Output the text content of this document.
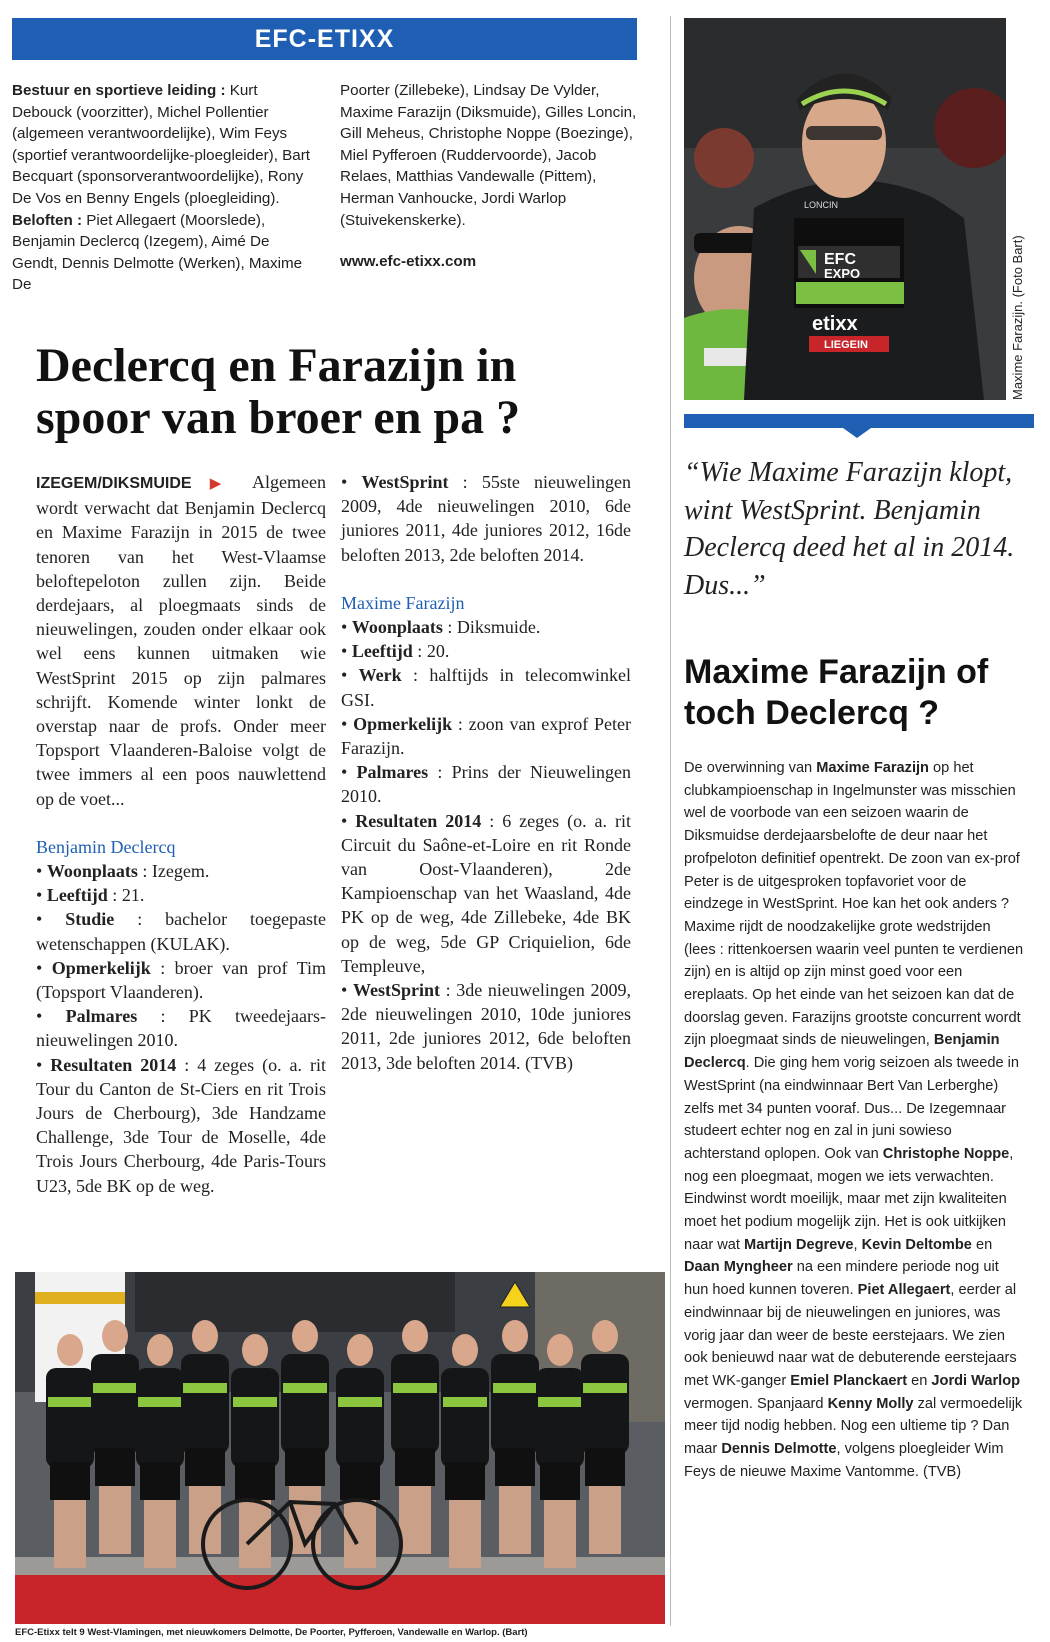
EFC-ETIXX
Bestuur en sportieve leiding : Kurt Debouck (voorzitter), Michel Pollentier (algemeen verantwoordelijke), Wim Feys (sportief verantwoordelijke-ploegleider), Bart Becquart (sponsorverantwoordelijke), Rony De Vos en Benny Engels (ploegleiding). Beloften : Piet Allegaert (Moorslede), Benjamin Declercq (Izegem), Aimé De Gendt, Dennis Delmotte (Werken), Maxime De
Poorter (Zillebeke), Lindsay De Vylder, Maxime Farazijn (Diksmuide), Gilles Loncin, Gill Meheus, Christophe Noppe (Boezinge), Miel Pyfferoen (Ruddervoorde), Jacob Relaes, Matthias Vandewalle (Pittem), Herman Vanhoucke, Jordi Warlop (Stuivekenskerke).
www.efc-etixx.com
Declercq en Farazijn in spoor van broer en pa ?

IZEGEM/DIKSMUIDE ▶ Algemeen wordt verwacht dat Benjamin Declercq en Maxime Farazijn in 2015 de twee tenoren van het West-Vlaamse beloftepeloton zullen zijn. Beide derdejaars, al ploegmaats sinds de nieuwelingen, zouden onder elkaar ook wel eens kunnen uitmaken wie WestSprint 2015 op zijn palmares schrijft. Komende winter lonkt de overstap naar de profs. Onder meer Topsport Vlaanderen-Baloise volgt de twee immers al een poos nauwlettend op de voet...

Benjamin Declercq

• Woonplaats : Izegem.
• Leeftijd : 21.
• Studie : bachelor toegepaste wetenschappen (KULAK).
• Opmerkelijk : broer van prof Tim (Topsport Vlaanderen).
• Palmares : PK tweedejaars-nieuwelingen 2010.
• Resultaten 2014 : 4 zeges (o. a. rit Tour du Canton de St-Ciers en rit Trois Jours de Cherbourg), 3de Handzame Challenge, 3de Tour de Moselle, 4de Trois Jours Cherbourg, 4de Paris-Tours U23, 5de BK op de weg.
• WestSprint : 55ste nieuwelingen 2009, 4de nieuwelingen 2010, 6de juniores 2011, 4de juniores 2012, 16de beloften 2013, 2de beloften 2014.

Maxime Farazijn

• Woonplaats : Diksmuide.
• Leeftijd : 20.
• Werk : halftijds in telecomwinkel GSI.
• Opmerkelijk : zoon van exprof Peter Farazijn.
• Palmares : Prins der Nieuwelingen 2010.
• Resultaten 2014 : 6 zeges (o. a. rit Circuit du Saône-et-Loire en rit Ronde van Oost-Vlaanderen), 2de Kampioenschap van het Waasland, 4de PK op de weg, 4de Zillebeke, 4de BK op de weg, 5de GP Criquielion, 6de Templeuve,
• WestSprint : 3de nieuwelingen 2009, 2de nieuwelingen 2010, 10de juniores 2011, 2de juniores 2012, 6de beloften 2013, 3de beloften 2014. (TVB)
EFC-Etixx telt 9 West-Vlamingen, met nieuwkomers Delmotte, De Poorter, Pyfferoen, Vandewalle en Warlop. (Bart)
LONCIN
EFC
EXPO
etixx
LIEGEIN	Maxime Farazijn. (Foto Bart)

“Wie Maxime Farazijn klopt, wint WestSprint. Benjamin Declercq deed het al in 2014. Dus...”

Maxime Farazijn of toch Declercq ?

De overwinning van Maxime Farazijn op het clubkampioenschap in Ingelmunster was misschien wel de voorbode van een seizoen waarin de Diksmuidse derdejaarsbelofte de deur naar het profpeloton definitief opentrekt. De zoon van ex-prof Peter is de uitgesproken topfavoriet voor de eindzege in WestSprint. Hoe kan het ook anders ? Maxime rijdt de noodzakelijke grote wedstrijden (lees : rittenkoersen waarin veel punten te verdienen zijn) en is altijd op zijn minst goed voor een ereplaats. Op het einde van het seizoen kan dat de doorslag geven. Farazijns grootste concurrent wordt zijn ploegmaat sinds de nieuwelingen, Benjamin Declercq. Die ging hem vorig seizoen als tweede in WestSprint (na eindwinnaar Bert Van Lerberghe) zelfs met 34 punten vooraf. Dus... De Izegemnaar studeert echter nog en zal in juni sowieso achterstand oplopen. Ook van Christophe Noppe, nog een ploegmaat, mogen we iets verwachten. Eindwinst wordt moeilijk, maar met zijn kwaliteiten moet het podium mogelijk zijn. Het is ook uitkijken naar wat Martijn Degreve, Kevin Deltombe en Daan Myngheer na een mindere periode nog uit hun hoed kunnen toveren. Piet Allegaert, eerder al eindwinnaar bij de nieuwelingen en juniores, was vorig jaar dan weer de beste eerstejaars. We zien ook benieuwd naar wat de debuterende eerstejaars met WK-ganger Emiel Planckaert en Jordi Warlop vermogen. Spanjaard Kenny Molly zal vermoedelijk meer tijd nodig hebben. Nog een ultieme tip ? Dan maar Dennis Delmotte, volgens ploegleider Wim Feys de nieuwe Maxime Vantomme. (TVB)
